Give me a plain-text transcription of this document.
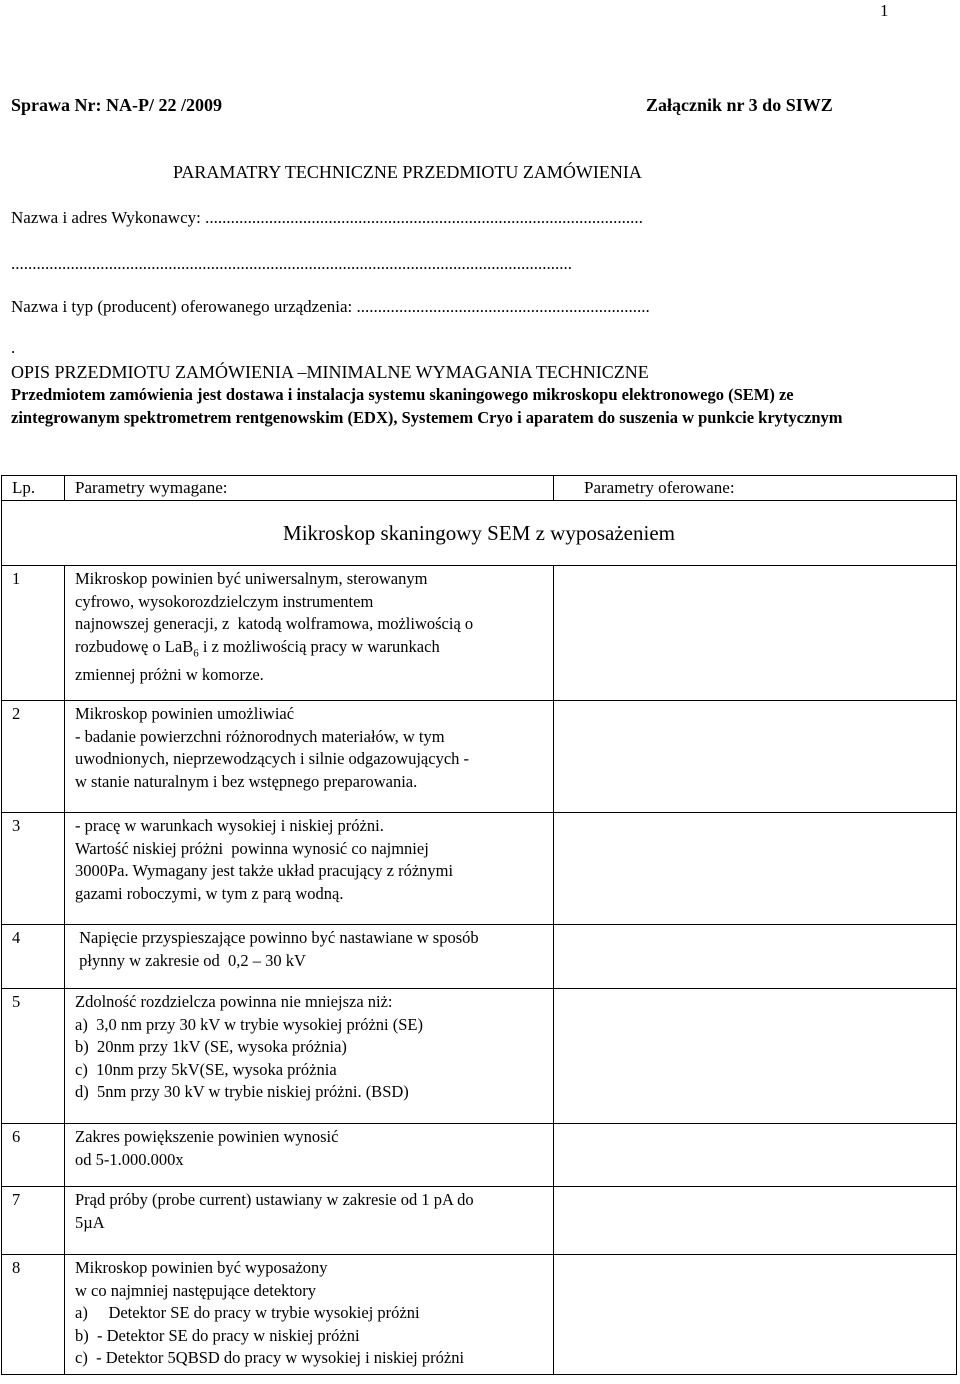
1
Sprawa Nr: NA-P/ 22 /2009	Załącznik nr 3 do SIWZ
PARAMATRY TECHNICZNE PRZEDMIOTU ZAMÓWIENIA
Nazwa i adres Wykonawcy: .......................................................................................................
....................................................................................................................................
Nazwa i typ (producent) oferowanego urządzenia: .....................................................................
.
OPIS PRZEDMIOTU ZAMÓWIENIA –MINIMALNE WYMAGANIA TECHNICZNE
Przedmiotem zamówienia jest dostawa i instalacja systemu skaningowego mikroskopu elektronowego (SEM) ze zintegrowanym spektrometrem rentgenowskim (EDX), Systemem Cryo i aparatem do suszenia w punkcie krytycznym
Lp.	Parametry wymagane:	Parametry oferowane:
Mikroskop skaningowy SEM z wyposażeniem		
1	Mikroskop powinien być uniwersalnym, sterowanym
cyfrowo, wysokorozdzielczym instrumentem
najnowszej generacji, z  katodą wolframowa, możliwością o
rozbudowę o LaB$_6$ i z możliwością pracy w warunkach
zmiennej próżni w komorze.	

2	Mikroskop powinien umożliwiać
- badanie powierzchni różnorodnych materiałów, w tym
uwodnionych, nieprzewodzących i silnie odgazowujących -
w stanie naturalnym i bez wstępnego preparowania.	

3	- pracę w warunkach wysokiej i niskiej próżni.
Wartość niskiej próżni  powinna wynosić co najmniej
3000Pa. Wymagany jest także układ pracujący z różnymi
gazami roboczymi, w tym z parą wodną.	

4	Napięcie przyspieszające powinno być nastawiane w sposób
płynny w zakresie od  0,2 – 30 kV	

5	Zdolność rozdzielcza powinna nie mniejsza niż:
a)  3,0 nm przy 30 kV w trybie wysokiej próżni (SE)
b)  20nm przy 1kV (SE, wysoka próżnia)
c)  10nm przy 5kV(SE, wysoka próżnia
d)  5nm przy 30 kV w trybie niskiej próżni. (BSD)	

6	Zakres powiększenie powinien wynosić
od 5-1.000.000x	

7	Prąd próby (probe current) ustawiany w zakresie od 1 pA do
5µA	

8	Mikroskop powinien być wyposażony
w co najmniej następujące detektory
a)     Detektor SE do pracy w trybie wysokiej próżni
b)  - Detektor SE do pracy w niskiej próżni
c)  - Detektor 5QBSD do pracy w wysokiej i niskiej próżni	
